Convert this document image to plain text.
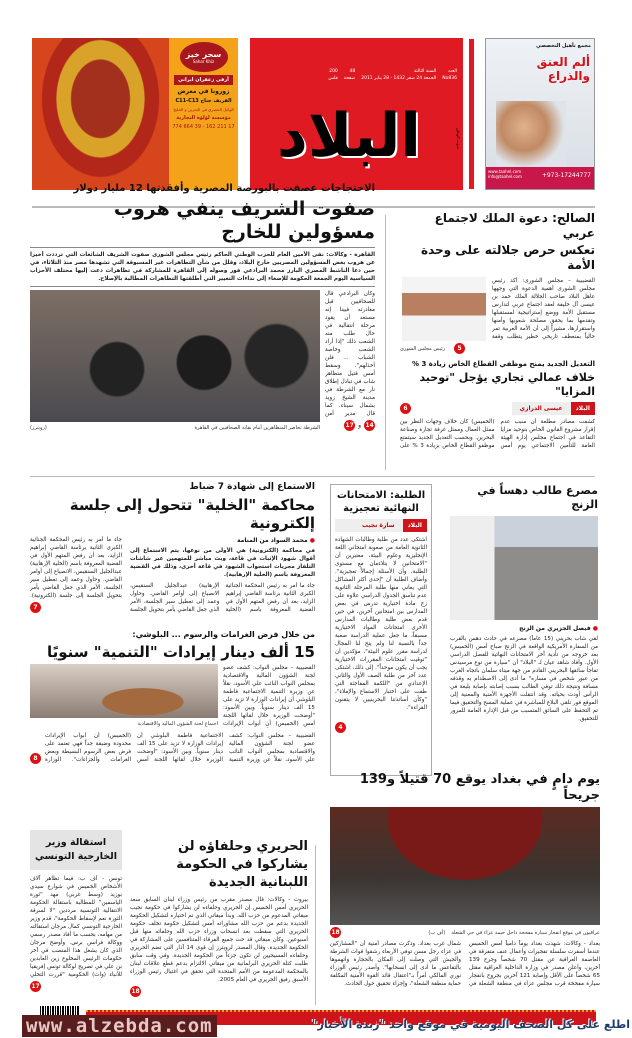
سحر خيز
Sahar Khiz
أرقى زعفران ايراني
زورونا في معرض
الفريف جناح C11-C13
الوكيل الحصري في البحرين و الخليج
مؤسسة لؤلؤة التجارية
17 211 162 - 39 664 774
العدد
No836
السنة الثالثة
الجمعة 24 صفر 1432 - 28 يناير 2011
48
صفحة
200
فلس
البلاد	صوت الوطن
مجمع تأهيل التخصصي
ألم العنق والذراع
www.taahel.com
info@taahel.com	+973-17244777
الصالح: دعوة الملك لاجتماع عربي
تعكس حرص جلالته على وحدة الأمة
القضيبية – مجلس الشورى: أكد رئيس مجلس الشورى أهمية الدعوة التي وجهها عاهل البلاد صاحب الجلالة الملك حمد بن عيسى آل خليفة لعقد اجتماع عربي لتدارس مستقبل الأمة ووضع إستراتيجية لمستقبلها وتقدمها بما يحقق مصلحة شعوبها وأمنها واستقرارها، مشيراً إلى أن الأمة العربية تمر حالياً بمنعطف تاريخي خطير يتطلب وقفة
رئيس مجلس الشورى	5
التعديل الجديد يمنح موظفي القطاع الخاص زيادة 3 %
خلاف عمالي تجاري يؤجل "توحيد المزايا"
البلاد
عيسى الدرازي
6
كشفت مصادر مطلعة أن سبب عدم إقرار مشروع القانون الخاص بتوحيد مزايا التقاعد في اجتماع مجلس إدارة الهيئة العامة للتأمين الاجتماعي يوم أمس (الخميس) كان خلاف وجهات النظر بين ممثل العمال وممثل غرفة تجارة وصناعة البحرين. وبحسب التعديل الجديد سيتمتع موظفو القطاع الخاص بزيادة 3 % على
الاحتجاجات عصفت بالبورصة المصرية وأفقدتها 12 مليار دولار
صفوت الشريف ينفي هروب مسؤولين للخارج
القاهرة - وكالات: نفى الأمين العام للحزب الوطني الحاكم رئيس مجلس الشورى صفوت الشريف الشائعات التي ترددت أخيرا عن هروب بعض المسؤولين المصريين خارج البلاد، وقلل من شأن التظاهرات غير المسبوقة التي تشهدها مصر منذ الثلاثاء، في حين دعا الناشط المصري البارز محمد البرادعي فور وصوله إلى القاهرة للمشاركة في تظاهرات دعت إليها مختلف الأحزاب السياسية اليوم الجمعة الحكومة للإصغاء إلى نداءات التغيير التي أطلقتها التظاهرات المطالبة بالإصلاح.
وكان البرادعي قال للصحافيين قبل مغادرته فيينا إنه مستعد أن يقود مرحلة انتقالية في حال طلب منه الشعب ذلك "إذا أراد الشعب وخاصة الشباب ... فلن أخذلهم". وسقط أمس قتيل متظاهر شاب في تبادل إطلاق نار مع الشرطة في مدينة الشيخ زويد بشمال سيناء. كما قال مدير أمن
14
و
17
الشرطة تحاصر المتظاهرين أمام نقابة الصحافيين في القاهرة
(رويترز)
مصرع طالب دهساً في الزنج
● فيصل الجزيري من الزنج
لقي شاب بحريني (15 عاماً) مصرعه في حادث دهس بالقرب من السفارة الأمريكية الواقعة في الزنج صباح أمس (الخميس) بعد خروجه من تأدية آخر الامتحانات النهائية للفصل الدراسي الأول. وأفاد شاهد عيان لـ "البلاد" أن "سيارة من نوع مرسيدس تفاجأ سائقها البحريني القادم من جهة ميناء سلمان باتجاه الغرب من عبور شخص في مساره" ما أدى إلى الاصطدام به وقذفه مسافة ونتيجة ذلك توفي الطالب بسبب إصابته بإصابة بليغة في الرأس أودت بحياته. وقد انتقلت الأجهزة الأمنية والمعنية إلى الموقع فور تلقي البلاغ للمباشرة في عملية المسح والتحقيق فيما تم التحفظ على السائق المتسبب من قبل الإدارة العامة للمرور للتحقيق.
الطلبة: الامتحانات النهائية تعجيزية
البلاد
سارة نجيب
اشتكى عدد من طلبة وطالبات الشهادة الثانوية العامة من صعوبة امتحاني اللغة الإنجليزية وعلوم البيئة، معتبرين أن "الامتحانين لا يتلاءمان مع مستوى الطلبة، وأن الأسئلة إجمالاً تعجيزية". وأضاف الطلبة أن "إحدى أكثر المشاكل التي يعاني منها طلبة المرحلة الثانوية عدم تناسق الجدول الدراسي علاوة على زج مادة اختيارية تدرس في بعض المدارس بين امتحانين آخرين، في حين قدم بعض طلبة وطالبات المدارس الأخرى امتحانات المواد الاختيارية مسبقاً، ما جعل عملية الدراسة صعبة جداً بالنسبة لنا ولم يتح لنا المجال لدراسة مقرر علوم البيئة"، مؤكدين أن "توقيت امتحانات المقررات الاختيارية يجب أن يكون موحداً". إلى ذلك، اشتكى عدد آخر من طلبة الصف الأول والثاني الإعدادي من "اللكمة المفاجئة التي طفت على اختبار الاستماع والإملاء"، "وكأن أساتذتنا البحرينيين لا يتقنون القراءة".
4
الاستماع إلى شهادة 7 ضباط
محاكمة "الخلية" تتحول إلى جلسة إلكترونية
● محمد السواد من المنامة
في محاكمة (الكترونية) هي الأولى من نوعها، يتم الاستماع إلى أقوال شهود الإثبات في قاعة، وبث مباشر للمتهمين عبر شاشات التلفاز مجريات استجواب الشهود في قاعة أخرى، وذلك في القضية المعروفة باسم (الخلية الإرهابية).
جاء ما أمر به رئيس المحكمة الجنائية الكبرى الثانية برئاسة القاضي إبراهيم الزايد، بعد أن رفض المتهم الأول في القضية المعروفة باسم (الخلية الإرهابية) عبدالجليل السنقيس، الانصياع إلى أوامر القاضي. وحاول وعمد إلى تعطيل سير الجلسة، الأمر الذي جعل القاضي يأمر بتحويل الجلسة
جاء ما أمر به رئيس المحكمة الجنائية الكبرى الثانية برئاسة القاضي إبراهيم الزايد، بعد أن رفض المتهم الأول في القضية المعروفة باسم (الخلية الإرهابية) عبدالجليل السنقيس، الانصياع إلى أوامر القاضي. وحاول وعمد إلى تعطيل سير الجلسة، الأمر الذي جعل القاضي يأمر بتحويل الجلسة إلى جلسة (الكترونية).
7
من خلال فرض الغرامات والرسوم ... البلوشي:
15 ألف دينار إيرادات "التنمية" سنويًا
القضيبية – مجلس النواب: كشف عضو لجنة الشؤون المالية والاقتصادية بمجلس النواب النائب علي الأسود، نقلاً عن وزيرة التنمية الاجتماعية فاطمة البلوشي أن إيرادات الوزارة لا تزيد على 15 ألف دينار سنوياً. وبين الأسود: "أوضحت الوزيرة خلال لقائها اللجنة أمس (الخميس) أن أبواب الإيرادات
اجتماع لجنة الشؤون المالية والاقتصادية
القضيبية – مجلس النواب: كشف عضو لجنة الشؤون المالية والاقتصادية بمجلس النواب النائب علي الأسود، نقلاً عن وزيرة التنمية الاجتماعية فاطمة البلوشي أن إيرادات الوزارة لا تزيد على 15 ألف دينار سنوياً. وبين الأسود: "أوضحت الوزيرة خلال لقائها اللجنة أمس (الخميس) أن أبواب الإيرادات محدودة وضيقة جداً فهي تعتمد على فرض بعض الرسوم البسيطة وبعض الغرامات والجزاءات". الوزارة
8
يوم دامٍ في بغداد يوقع 70 قتيلاً و139 جريحاً
عراقيون في موقع انفجار سيارة مفخخة داخل خيمة عزاء في حي الشعلة
(أف ب)
18
بغداد - وكالات: شهدت بغداد يوماً دامياً أمس الخميس عندما أسفرت سلسلة تفجيرات وأعمال عنف متفرقة في العاصمة العراقية عن مقتل 70 شخصاً وجرح 139 آخرين، وأعلن مصدر في وزارة الداخلية العراقية مقتل 65 شخصاً على الأقل وإصابة 121 آخرين بجروح بانفجار سيارة مفخخة قرب مجلس عزاء في منطقة الشعلة في شمال غرب بغداد. وذكرت مصادر أمنية أن "المشاركين في عزاء رجل مسن توفي الأربعاء رشقوا قوات الشرطة والجيش التي وصلت إلى المكان بالحجارة واتهموها بالتقاعس ما أدى إلى انسحابها". وأصدر رئيس الوزراء نوري المالكي أمراً بـ"اعتقال قائد القوة الأمنية المكلفة حماية منطقة الشعلة"، وإجراء تحقيق حول الحادث.
الحريري وحلفاؤه لن يشاركوا في الحكومة اللبنانية الجديدة
بيروت - وكالات: قال مصدر مقرب من رئيس وزراء لبنان السابق سعد الحريري أمس الخميس إن الحريري وحلفاءه لن يشاركوا في حكومة نجيب ميقاتي المدعوم من حزب الله. وبدأ ميقاتي الذي تم اختياره لتشكيل الحكومة الجديدة بدعم من حزب الله مشاوراته أمس لتشكيل حكومة تخلف حكومة الحريري التي سقطت بعد انسحاب وزراء حزب الله وحلفائه منها قبل أسبوعين. وكان ميقاتي قد حث جميع الفرقاء المتنافسين على المشاركة في الحكومة الجديدة. وقال المصدر لرويترز إن قوى 14 آذار التي تضم الحريري وحلفاءه المسيحيين لن تكون جزءاً من الحكومة الجديدة. وفي وقت سابق طلبت كتلة الحريري البرلمانية من ميقاتي الالتزام بدعم قطع علاقات لبنان بالمحكمة المدعومة من الأمم المتحدة التي تحقق في اغتيال رئيس الوزراء الأسبق رفيق الحريري في العام 2005.
18
استقالة وزير الخارجية التونسي
تونس - أف ب: فيما تظاهر آلاف الأشخاص الخميس في شوارع سيدي بوزيد (وسط غربي) مهد "ثورة الياسمين" للمطالبة باستقالة الحكومة الانتقالية التونسية مرددين "لا لسرقة الثورة نعم لإسقاط الحكومة"، قدم وزير الخارجية التونسي كمال مرجان استقالته من مهامه، بحسب ما أفاد مصدر رسمي ووكالة فرانس برس. وأوضح مرجان الذي كان يشغل هذا المنصب في آخر حكومات الرئيس المخلوع زين العابدين بن علي في تصريح لوكالة تونس إفريقيا للأنباء (وات) الحكومية "قررت التخلي
17
www.alzebda.com	اطلع على كل الصحف اليومية في موقع واحد "زبدة الأخبار"
